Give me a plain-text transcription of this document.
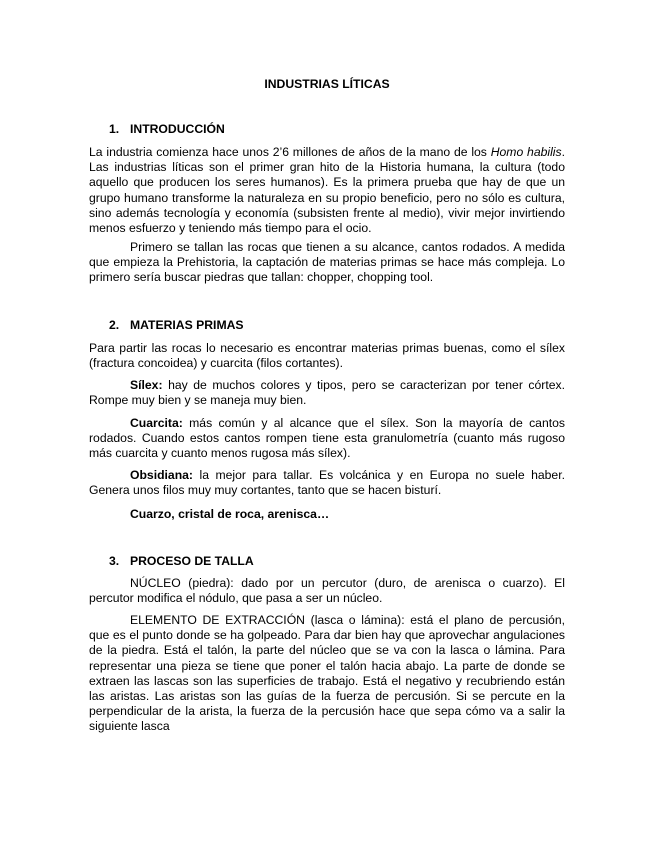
INDUSTRIAS LÍTICAS
1. INTRODUCCIÓN

La industria comienza hace unos 2’6 millones de años de la mano de los Homo habilis. Las industrias líticas son el primer gran hito de la Historia humana, la cultura (todo aquello que producen los seres humanos). Es la primera prueba que hay de que un grupo humano transforme la naturaleza en su propio beneficio, pero no sólo es cultura, sino además tecnología y economía (subsisten frente al medio), vivir mejor invirtiendo menos esfuerzo y teniendo más tiempo para el ocio.

Primero se tallan las rocas que tienen a su alcance, cantos rodados. A medida que empieza la Prehistoria, la captación de materias primas se hace más compleja. Lo primero sería buscar piedras que tallan: chopper, chopping tool.

2. MATERIAS PRIMAS

Para partir las rocas lo necesario es encontrar materias primas buenas, como el sílex (fractura concoidea) y cuarcita (filos cortantes).

Sílex: hay de muchos colores y tipos, pero se caracterizan por tener córtex. Rompe muy bien y se maneja muy bien.

Cuarcita: más común y al alcance que el sílex. Son la mayoría de cantos rodados. Cuando estos cantos rompen tiene esta granulometría (cuanto más rugoso más cuarcita y cuanto menos rugosa más sílex).

Obsidiana: la mejor para tallar. Es volcánica y en Europa no suele haber. Genera unos filos muy muy cortantes, tanto que se hacen bisturí.

Cuarzo, cristal de roca, arenisca…

3. PROCESO DE TALLA

NÚCLEO (piedra): dado por un percutor (duro, de arenisca o cuarzo). El percutor modifica el nódulo, que pasa a ser un núcleo.

ELEMENTO DE EXTRACCIÓN (lasca o lámina): está el plano de percusión, que es el punto donde se ha golpeado. Para dar bien hay que aprovechar angulaciones de la piedra. Está el talón, la parte del núcleo que se va con la lasca o lámina. Para representar una pieza se tiene que poner el talón hacia abajo. La parte de donde se extraen las lascas son las superficies de trabajo. Está el negativo y recubriendo están las aristas. Las aristas son las guías de la fuerza de percusión. Si se percute en la perpendicular de la arista, la fuerza de la percusión hace que sepa cómo va a salir la siguiente lasca
